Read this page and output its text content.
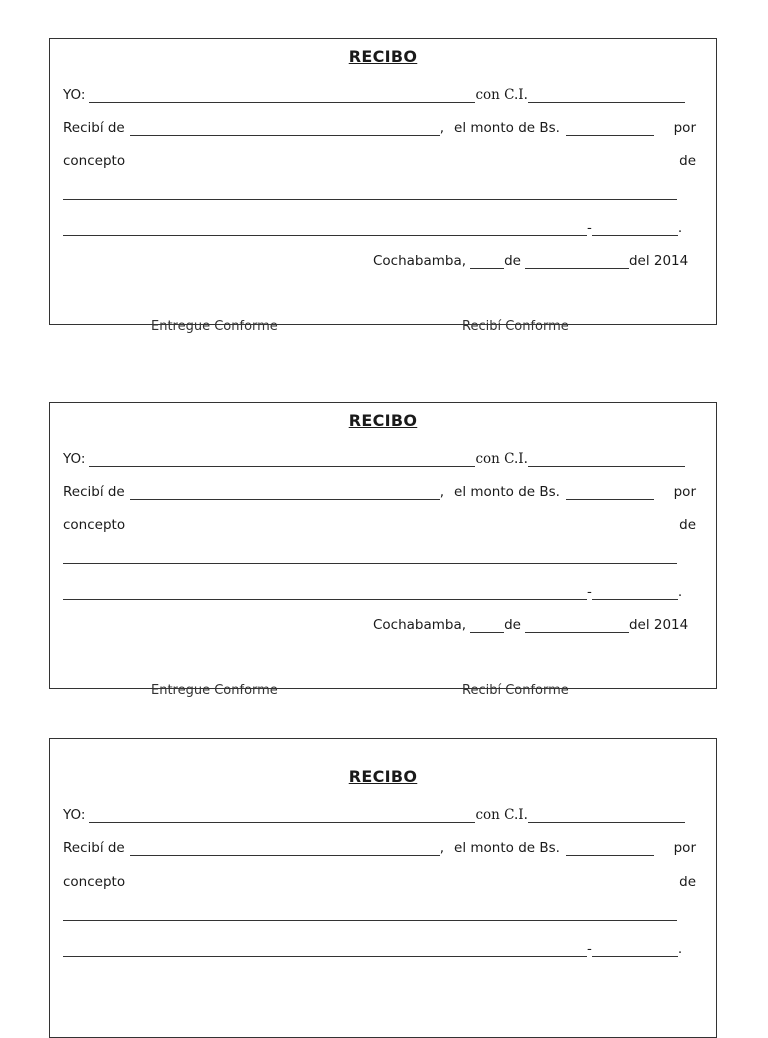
RECIBO
YO:	con C.I.
Recibí de	, el monto de Bs.	por
concepto	de
-	.
Cochabamba,	de	del 2014
Entregue Conforme	Recibí Conforme
RECIBO
YO:	con C.I.
Recibí de	, el monto de Bs.	por
concepto	de
-	.
Cochabamba,	de	del 2014
Entregue Conforme	Recibí Conforme
RECIBO
YO:	con C.I.
Recibí de	, el monto de Bs.	por
concepto	de
-	.
